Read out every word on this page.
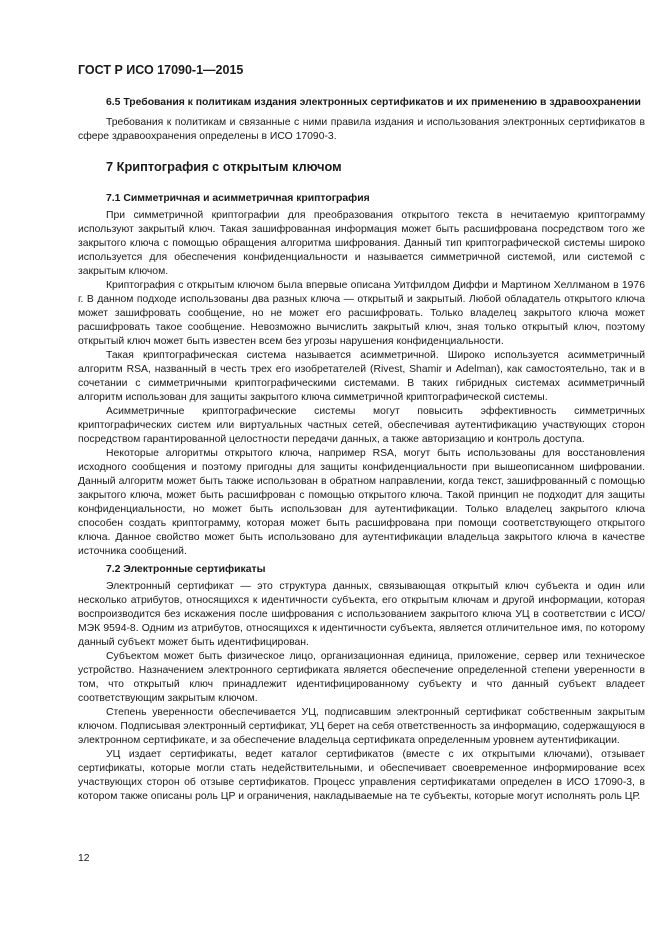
ГОСТ Р ИСО 17090-1—2015

6.5 Требования к политикам издания электронных сертификатов и их применению в здравоохранении

Требования к политикам и связанные с ними правила издания и использования электронных сертификатов в сфере здравоохранения определены в ИСО 17090-3.

7 Криптография с открытым ключом

7.1 Симметричная и асимметричная криптография

При симметричной криптографии для преобразования открытого текста в нечитаемую криптограмму используют закрытый ключ. Такая зашифрованная информация может быть расшифрована посредством того же закрытого ключа с помощью обращения алгоритма шифрования. Данный тип криптографической системы широко используется для обеспечения конфиденциальности и называется симметричной системой, или системой с закрытым ключом.

Криптография с открытым ключом была впервые описана Уитфилдом Диффи и Мартином Хеллманом в 1976 г. В данном подходе использованы два разных ключа — открытый и закрытый. Любой обладатель открытого ключа может зашифровать сообщение, но не может его расшифровать. Только владелец закрытого ключа может расшифровать такое сообщение. Невозможно вычислить закрытый ключ, зная только открытый ключ, поэтому открытый ключ может быть известен всем без угрозы нарушения конфиденциальности.

Такая криптографическая система называется асимметричной. Широко используется асимметричный алгоритм RSA, названный в честь трех его изобретателей (Rivest, Shamir и Adelman), как самостоятельно, так и в сочетании с симметричными криптографическими системами. В таких гибридных системах асимметричный алгоритм использован для защиты закрытого ключа симметричной криптографической системы.

Асимметричные криптографические системы могут повысить эффективность симметричных криптографических систем или виртуальных частных сетей, обеспечивая аутентификацию участвующих сторон посредством гарантированной целостности передачи данных, а также авторизацию и контроль доступа.

Некоторые алгоритмы открытого ключа, например RSA, могут быть использованы для восстановления исходного сообщения и поэтому пригодны для защиты конфиденциальности при вышеописанном шифровании. Данный алгоритм может быть также использован в обратном направлении, когда текст, зашифрованный с помощью закрытого ключа, может быть расшифрован с помощью открытого ключа. Такой принцип не подходит для защиты конфиденциальности, но может быть использован для аутентификации. Только владелец закрытого ключа способен создать криптограмму, которая может быть расшифрована при помощи соответствующего открытого ключа. Данное свойство может быть использовано для аутентификации владельца закрытого ключа в качестве источника сообщений.

7.2 Электронные сертификаты

Электронный сертификат — это структура данных, связывающая открытый ключ субъекта и один или несколько атрибутов, относящихся к идентичности субъекта, его открытым ключам и другой информации, которая воспроизводится без искажения после шифрования с использованием закрытого ключа УЦ в соответствии с ИСО/МЭК 9594-8. Одним из атрибутов, относящихся к идентичности субъекта, является отличительное имя, по которому данный субъект может быть идентифицирован.

Субъектом может быть физическое лицо, организационная единица, приложение, сервер или техническое устройство. Назначением электронного сертификата является обеспечение определенной степени уверенности в том, что открытый ключ принадлежит идентифицированному субъекту и что данный субъект владеет соответствующим закрытым ключом.

Степень уверенности обеспечивается УЦ, подписавшим электронный сертификат собственным закрытым ключом. Подписывая электронный сертификат, УЦ берет на себя ответственность за информацию, содержащуюся в электронном сертификате, и за обеспечение владельца сертификата определенным уровнем аутентификации.

УЦ издает сертификаты, ведет каталог сертификатов (вместе с их открытыми ключами), отзывает сертификаты, которые могли стать недействительными, и обеспечивает своевременное информирование всех участвующих сторон об отзыве сертификатов. Процесс управления сертификатами определен в ИСО 17090-3, в котором также описаны роль ЦР и ограничения, накладываемые на те субъекты, которые могут исполнять роль ЦР.

12
